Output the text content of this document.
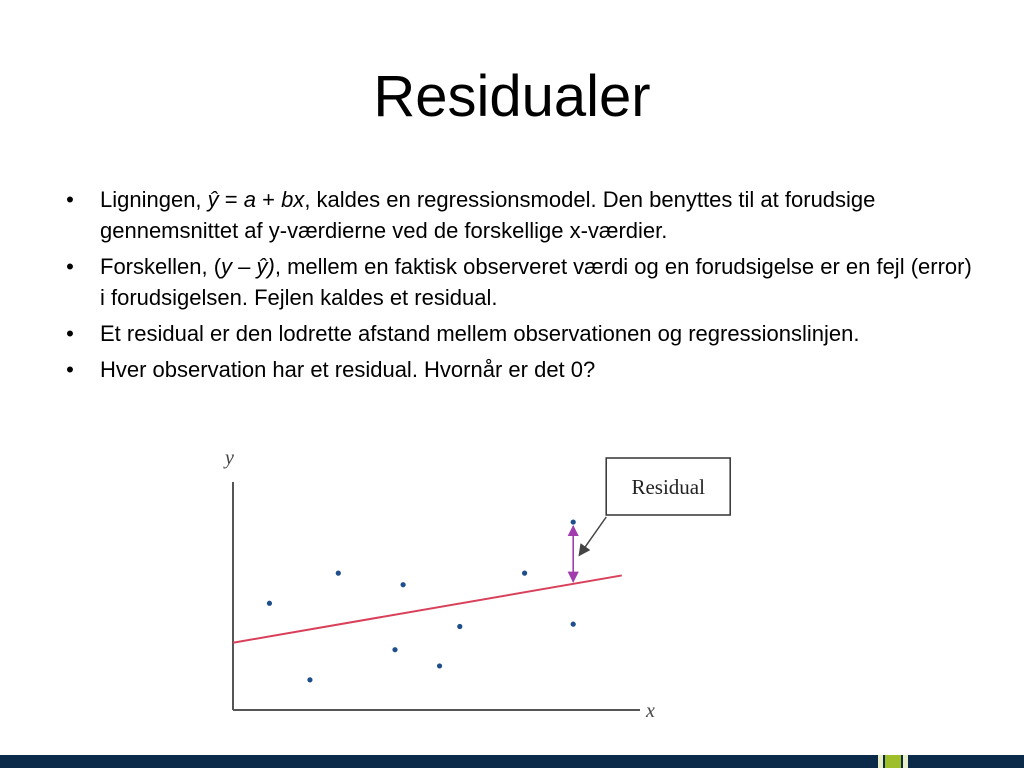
Residualer
• Ligningen, ŷ = a + bx, kaldes en regressionsmodel. Den benyttes til at forudsige gennemsnittet af y-værdierne ved de forskellige x-værdier.
• Forskellen, (y – ŷ), mellem en faktisk observeret værdi og en forudsigelse er en fejl (error) i forudsigelsen. Fejlen kaldes et residual.
• Et residual er den lodrette afstand mellem observationen og regressionslinjen.
• Hver observation har et residual. Hvornår er det 0?
y
x
Residual
